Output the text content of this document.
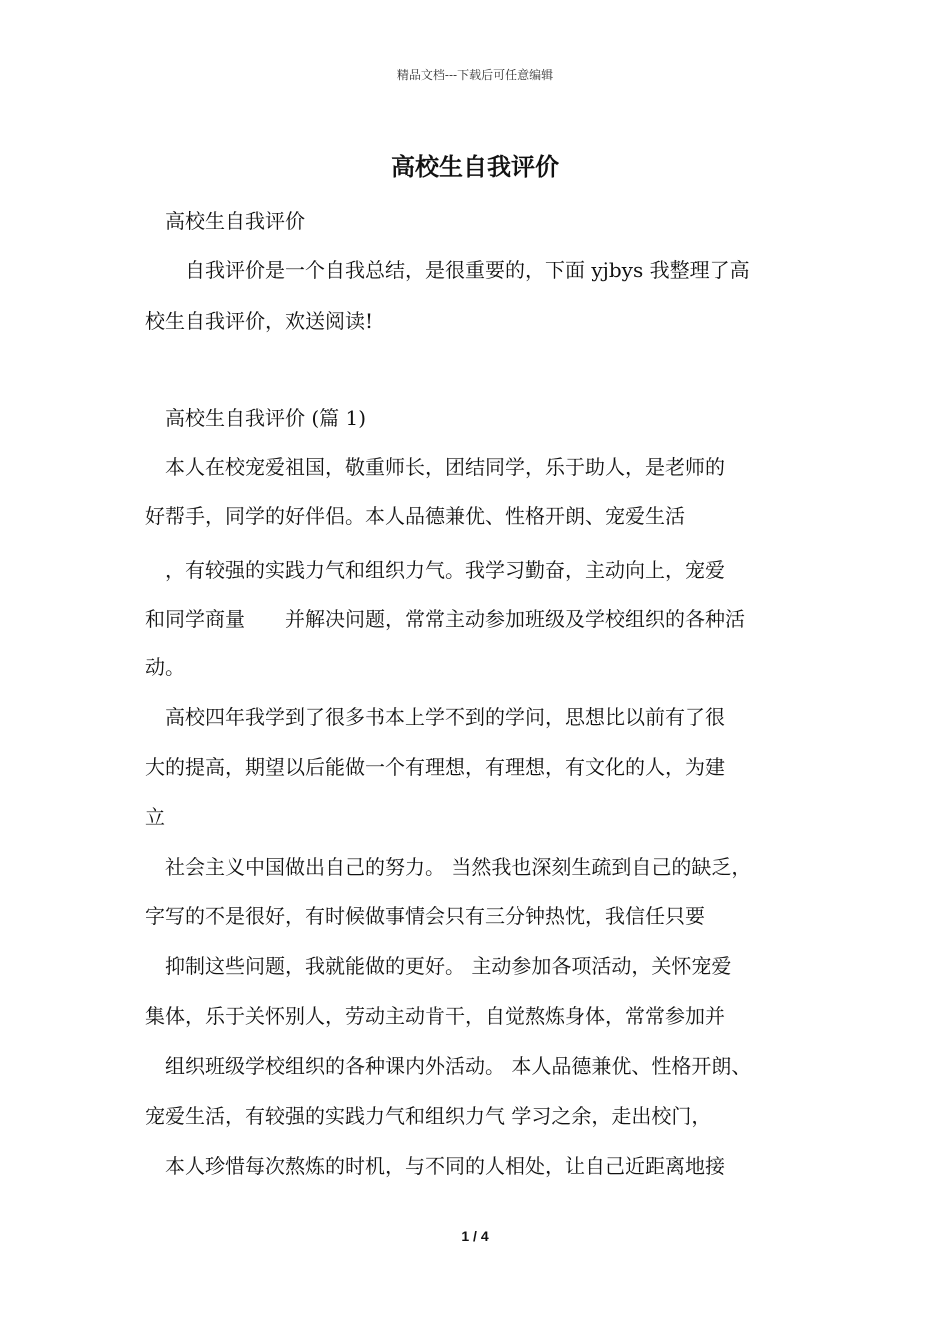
精品文档---下载后可任意编辑
高校生自我评价
高校生自我评价
自我评价是一个自我总结，是很重要的，下面 yjbys 我整理了高
校生自我评价，欢送阅读!
高校生自我评价 (篇 1)
本人在校宠爱祖国，敬重师长，团结同学，乐于助人，是老师的
好帮手，同学的好伴侣。本人品德兼优、性格开朗、宠爱生活
，有较强的实践力气和组织力气。我学习勤奋，主动向上，宠爱
和同学商量　　并解决问题，常常主动参加班级及学校组织的各种活
动。
高校四年我学到了很多书本上学不到的学问，思想比以前有了很
大的提高，期望以后能做一个有理想，有理想，有文化的人，为建
立
社会主义中国做出自己的努力。 当然我也深刻生疏到自己的缺乏，
字写的不是很好，有时候做事情会只有三分钟热忱，我信任只要
抑制这些问题，我就能做的更好。 主动参加各项活动，关怀宠爱
集体，乐于关怀别人，劳动主动肯干，自觉熬炼身体，常常参加并
组织班级学校组织的各种课内外活动。 本人品德兼优、性格开朗、
宠爱生活，有较强的实践力气和组织力气 学习之余，走出校门，
本人珍惜每次熬炼的时机，与不同的人相处，让自己近距离地接
1 / 4
